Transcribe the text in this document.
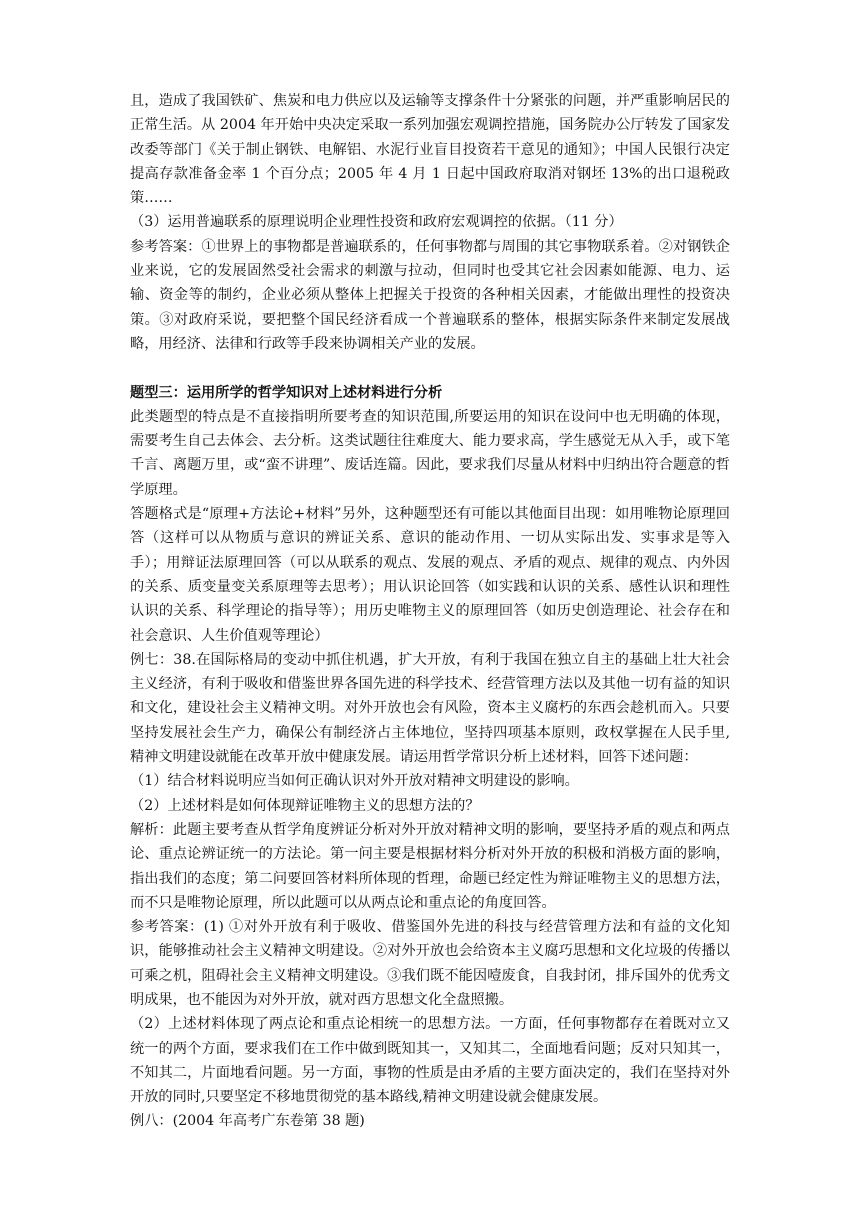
且，造成了我国铁矿、焦炭和电力供应以及运输等支撑条件十分紧张的问题，并严重影响居民的正常生活。从 2004 年开始中央决定采取一系列加强宏观调控措施，国务院办公厅转发了国家发改委等部门《关于制止钢铁、电解铝、水泥行业盲目投资若干意见的通知》；中国人民银行决定提高存款准备金率 1 个百分点；2005 年 4 月 1 日起中国政府取消对钢坯 13%的出口退税政策……

（3）运用普遍联系的原理说明企业理性投资和政府宏观调控的依据。（11 分）

参考答案：①世界上的事物都是普遍联系的，任何事物都与周围的其它事物联系着。②对钢铁企业来说，它的发展固然受社会需求的刺激与拉动，但同时也受其它社会因素如能源、电力、运输、资金等的制约，企业必须从整体上把握关于投资的各种相关因素，才能做出理性的投资决策。③对政府采说，要把整个国民经济看成一个普遍联系的整体，根据实际条件来制定发展战略，用经济、法律和行政等手段来协调相关产业的发展。

题型三：运用所学的哲学知识对上述材料进行分析

此类题型的特点是不直接指明所要考查的知识范围,所要运用的知识在设问中也无明确的体现，需要考生自己去体会、去分析。这类试题往往难度大、能力要求高，学生感觉无从入手，或下笔千言、离题万里，或“蛮不讲理”、废话连篇。因此，要求我们尽量从材料中归纳出符合题意的哲学原理。

答题格式是“原理+方法论+材料”另外，这种题型还有可能以其他面目出现：如用唯物论原理回答（这样可以从物质与意识的辨证关系、意识的能动作用、一切从实际出发、实事求是等入手）；用辩证法原理回答（可以从联系的观点、发展的观点、矛盾的观点、规律的观点、内外因的关系、质变量变关系原理等去思考）；用认识论回答（如实践和认识的关系、感性认识和理性认识的关系、科学理论的指导等）；用历史唯物主义的原理回答（如历史创造理论、社会存在和社会意识、人生价值观等理论）

例七：38.在国际格局的变动中抓住机遇，扩大开放，有利于我国在独立自主的基础上壮大社会主义经济，有利于吸收和借鉴世界各国先进的科学技术、经营管理方法以及其他一切有益的知识和文化，建设社会主义精神文明。对外开放也会有风险，资本主义腐朽的东西会趁机而入。只要坚持发展社会生产力，确保公有制经济占主体地位，坚持四项基本原则，政权掌握在人民手里,精神文明建设就能在改革开放中健康发展。请运用哲学常识分析上述材料，回答下述问题：

（1）结合材料说明应当如何正确认识对外开放对精神文明建设的影响。

（2）上述材料是如何体现辩证唯物主义的思想方法的？

解析：此题主要考查从哲学角度辨证分析对外开放对精神文明的影响，要坚持矛盾的观点和两点论、重点论辨证统一的方法论。第一问主要是根据材料分析对外开放的积极和消极方面的影响，指出我们的态度；第二问要回答材料所体现的哲理，命题已经定性为辩证唯物主义的思想方法，而不只是唯物论原理，所以此题可以从两点论和重点论的角度回答。

参考答案：(1) ①对外开放有利于吸收、借鉴国外先进的科技与经营管理方法和有益的文化知识，能够推动社会主义精神文明建设。②对外开放也会给资本主义腐巧思想和文化垃圾的传播以可乘之机，阻碍社会主义精神文明建设。③我们既不能因噎废食，自我封闭，排斥国外的优秀文明成果，也不能因为对外开放，就对西方思想文化全盘照搬。

（2）上述材料体现了两点论和重点论相统一的思想方法。一方面，任何事物都存在着既对立又统一的两个方面，要求我们在工作中做到既知其一，又知其二，全面地看问题；反对只知其一，不知其二，片面地看问题。另一方面，事物的性质是由矛盾的主要方面决定的，我们在坚持对外开放的同时,只要坚定不移地贯彻党的基本路线,精神文明建设就会健康发展。

例八：(2004 年高考广东卷第 38 题)
